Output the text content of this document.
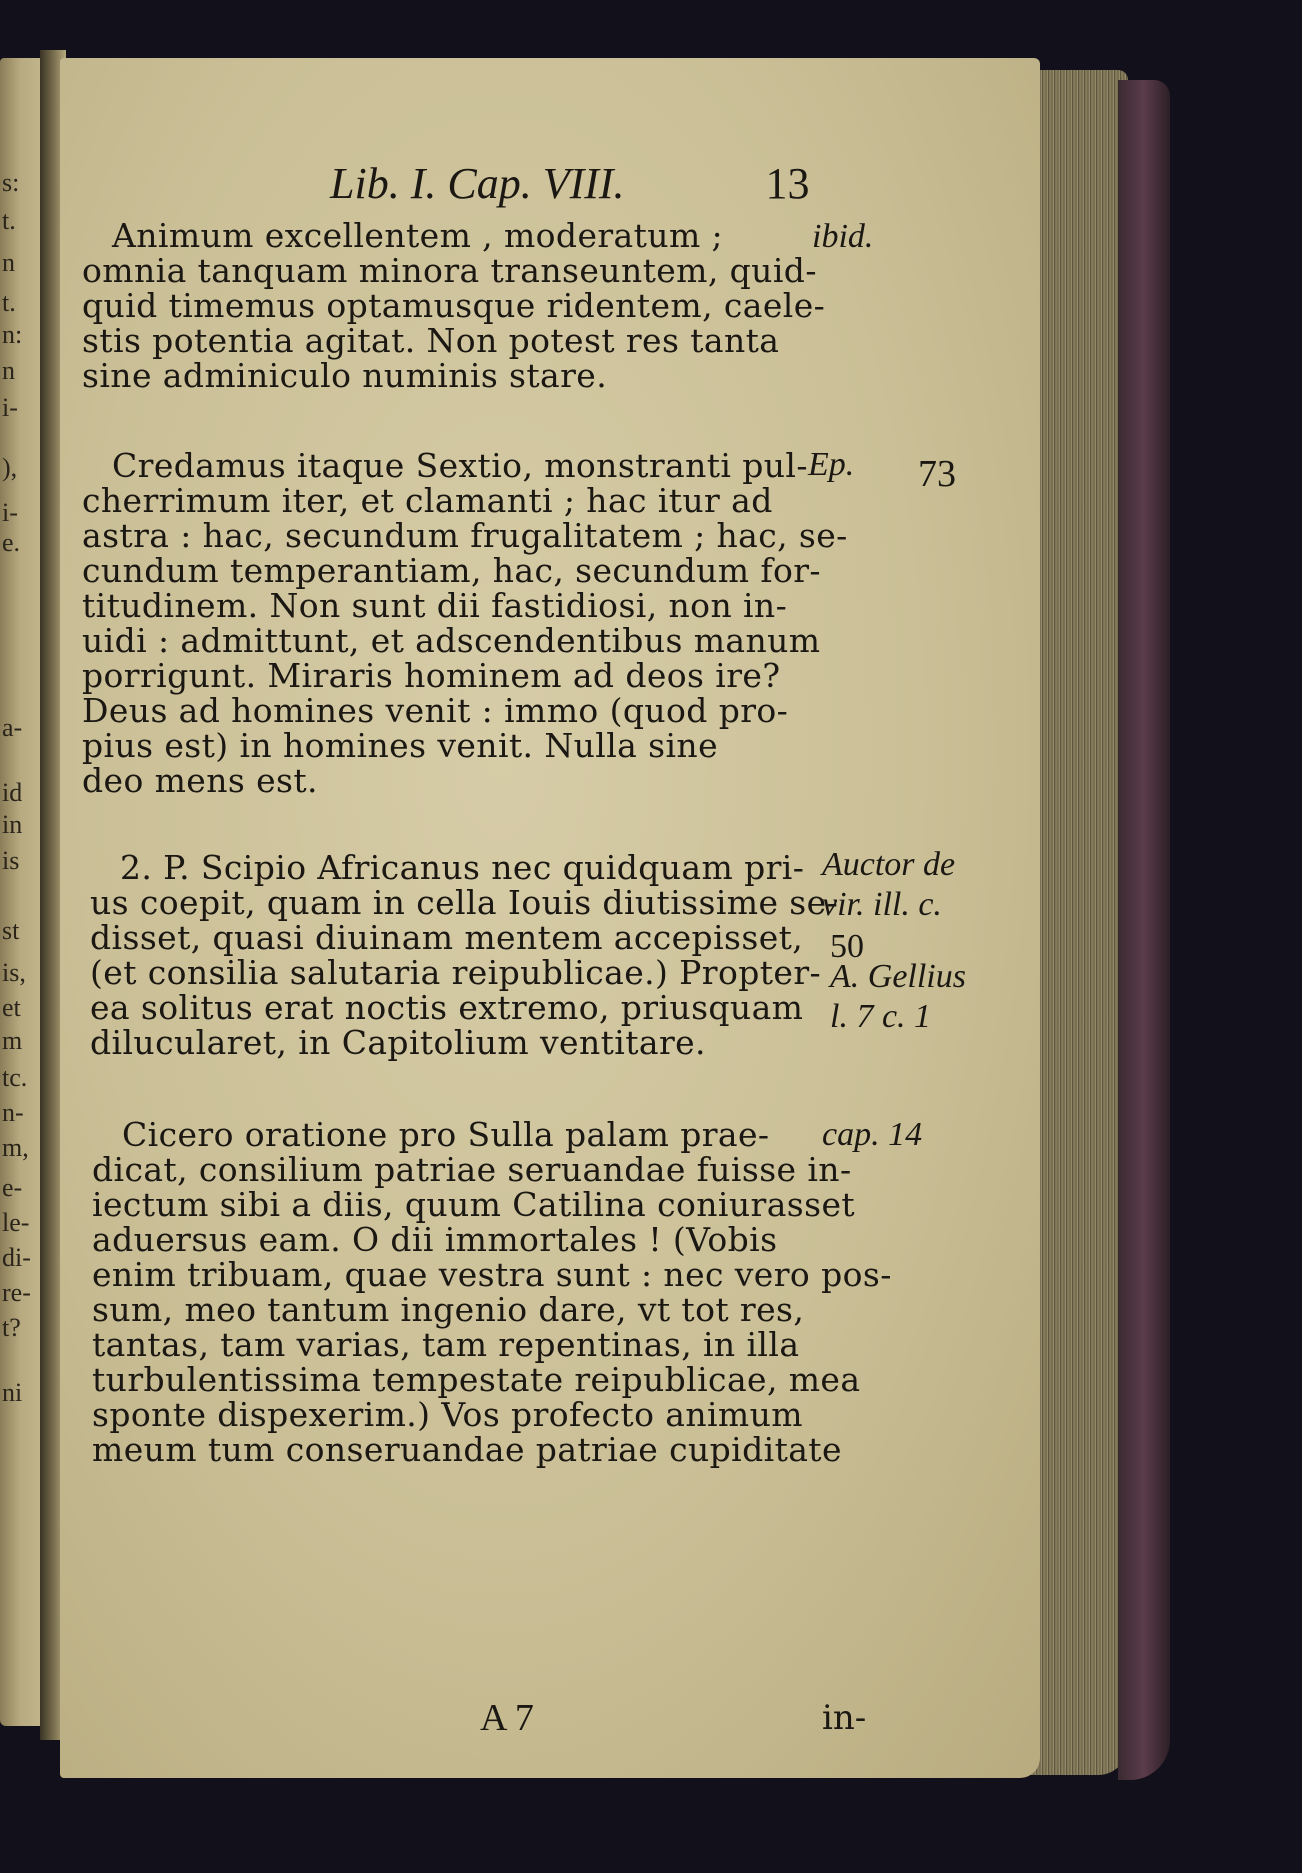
s:
t.
n
t.
n:
n
i-
),
i-
e.
a-
id
in
is
st
is,
et
m
tc.
n-
m,
e-
le-
di-
re-
t?
ni
Lib. I. Cap. VIII.	13
Animum excellentem , moderatum ;
omnia tanquam minora transeuntem, quid-
quid timemus optamusque ridentem, caele-
stis potentia agitat. Non potest res tanta
sine adminiculo numinis stare.
Credamus itaque Sextio, monstranti pul-
cherrimum iter, et clamanti ; hac itur ad
astra : hac, secundum frugalitatem ; hac, se-
cundum temperantiam, hac, secundum for-
titudinem. Non sunt dii fastidiosi, non in-
uidi : admittunt, et adscendentibus manum
porrigunt. Miraris hominem ad deos ire?
Deus ad homines venit : immo (quod pro-
pius est) in homines venit. Nulla sine
deo mens est.
2. P. Scipio Africanus nec quidquam pri-
us coepit, quam in cella Iouis diutissime se-
disset, quasi diuinam mentem accepisset,
(et consilia salutaria reipublicae.) Propter-
ea solitus erat noctis extremo, priusquam
dilucularet, in Capitolium ventitare.
Cicero oratione pro Sulla palam prae-
dicat, consilium patriae seruandae fuisse in-
iectum sibi a diis, quum Catilina coniurasset
aduersus eam. O dii immortales ! (Vobis
enim tribuam, quae vestra sunt : nec vero pos-
sum, meo tantum ingenio dare, vt tot res,
tantas, tam varias, tam repentinas, in illa
turbulentissima tempestate reipublicae, mea
sponte dispexerim.) Vos profecto animum
meum tum conseruandae patriae cupiditate
ibid.
Ep. 73
Auctor de
vir. ill. c.
50
A. Gellius
l. 7 c. 1
cap. 14
A 7	in-
